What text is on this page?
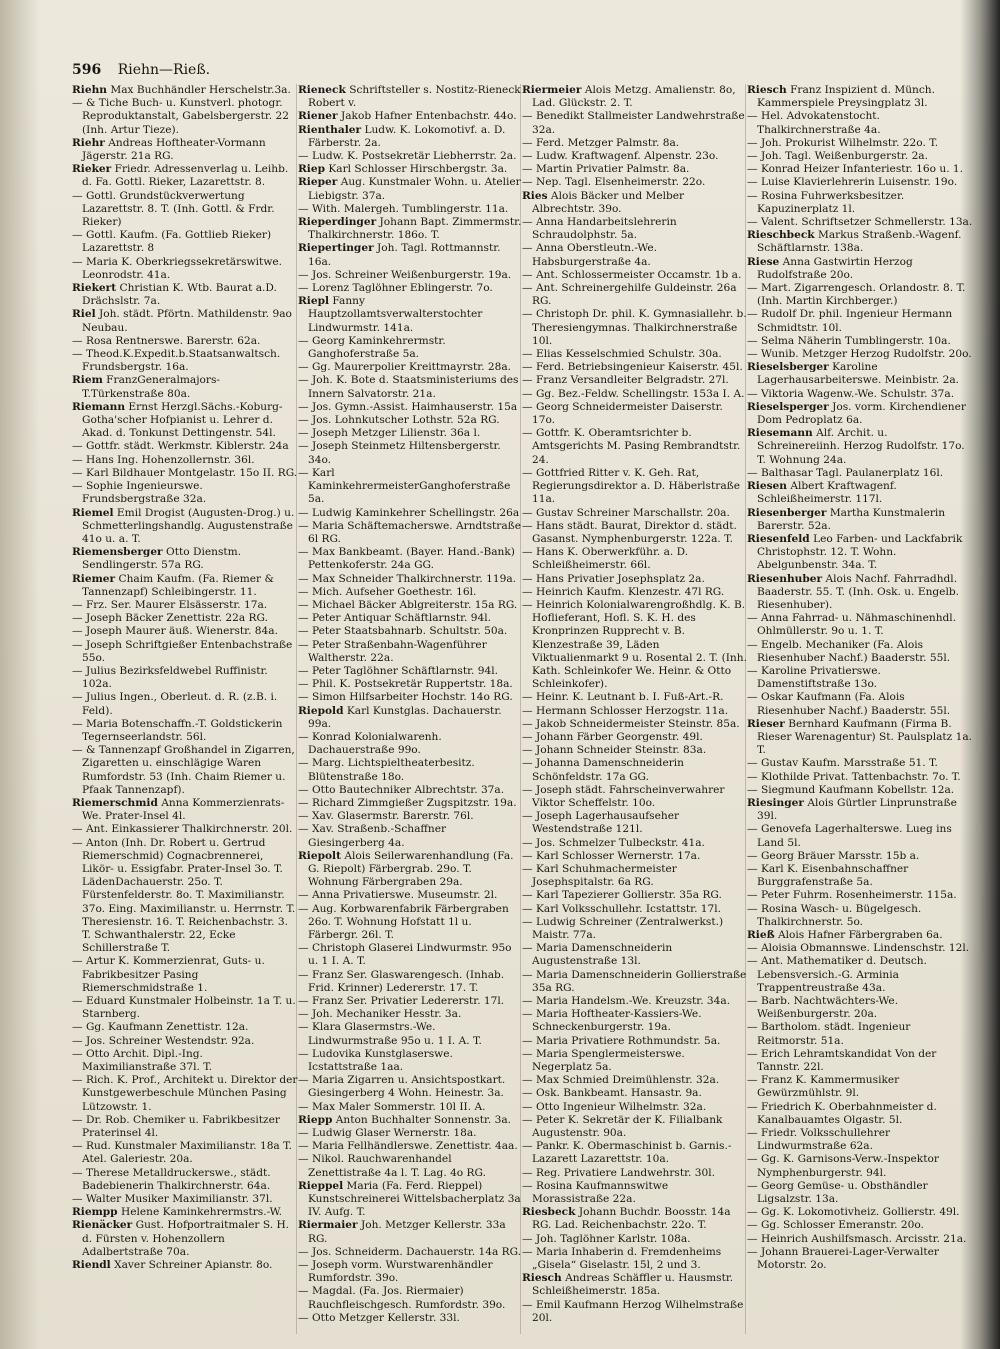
596 Riehn—Rieß.

Riehn Max Buchhändler Herschelstr.3a.

— & Tiche Buch- u. Kunstverl. photogr. Reproduktanstalt, Gabelsbergerstr. 22 (Inh. Artur Tieze).

Riehr Andreas Hoftheater-Vormann Jägerstr. 21a RG.

Rieker Friedr. Adressenverlag u. Leihb. d. Fa. Gottl. Rieker, Lazarettstr. 8.

— Gottl. Grundstückverwertung Lazarettstr. 8. T. (Inh. Gottl. & Frdr. Rieker)

— Gottl. Kaufm. (Fa. Gottlieb Rieker) Lazarettstr. 8

— Maria K. Oberkriegssekretärswitwe. Leonrodstr. 41a.

Riekert Christian K. Wtb. Baurat a.D. Drächslstr. 7a.

Riel Joh. städt. Pförtn. Mathildenstr. 9ao Neubau.

— Rosa Rentnerswe. Barerstr. 62a.

— Theod.K.Expedit.b.Staatsanwaltsch. Frundsbergstr. 16a.

Riem FranzGeneralmajors-T.Türkenstraße 80a.

Riemann Ernst Herzgl.Sächs.-Koburg-Gotha'scher Hofpianist u. Lehrer d. Akad. d. Tonkunst Dettingenstr. 54l.

— Gottfr. städt. Werkmstr. Kiblerstr. 24a

— Hans Ing. Hohenzollernstr. 36l.

— Karl Bildhauer Montgelastr. 15o II. RG.

— Sophie Ingenieurswe. Frundsbergstraße 32a.

Riemel Emil Drogist (Augusten-Drog.) u. Schmetterlingshandlg. Augustenstraße 41o u. a. T.

Riemensberger Otto Dienstm. Sendlingerstr. 57a RG.

Riemer Chaim Kaufm. (Fa. Riemer & Tannenzapf) Schleibingerstr. 11.

— Frz. Ser. Maurer Elsässerstr. 17a.

— Joseph Bäcker Zenettistr. 22a RG.

— Joseph Maurer äuß. Wienerstr. 84a.

— Joseph Schriftgießer Entenbachstraße 55o.

— Julius Bezirksfeldwebel Ruffinistr. 102a.

— Julius Ingen., Oberleut. d. R. (z.B. i. Feld).

— Maria Botenschaffn.-T. Goldstickerin Tegernseerlandstr. 56l.

— & Tannenzapf Großhandel in Zigarren, Zigaretten u. einschlägige Waren Rumfordstr. 53 (Inh. Chaim Riemer u. Pfaak Tannenzapf).

Riemerschmid Anna Kommerzienrats-We. Prater-Insel 4l.

— Ant. Einkassierer Thalkirchnerstr. 20l.

— Anton (Inh. Dr. Robert u. Gertrud Riemerschmid) Cognacbrennerei, Likör- u. Essigfabr. Prater-Insel 3o. T. LädenDachauerstr. 25o. T. Fürstenfelderstr. 8o. T. Maximilianstr. 37o. Eing. Maximilianstr. u. Herrnstr. T. Theresienstr. 16. T. Reichenbachstr. 3. T. Schwanthalerstr. 22, Ecke Schillerstraße T.

— Artur K. Kommerzienrat, Guts- u. Fabrikbesitzer Pasing Riemerschmidstraße 1.

— Eduard Kunstmaler Holbeinstr. 1a T. u. Starnberg.

— Gg. Kaufmann Zenettistr. 12a.

— Jos. Schreiner Westendstr. 92a.

— Otto Archit. Dipl.-Ing. Maximilianstraße 37l. T.

— Rich. K. Prof., Architekt u. Direktor der Kunstgewerbeschule München Pasing Lützowstr. 1.

— Dr. Rob. Chemiker u. Fabrikbesitzer Praterinsel 4l.

— Rud. Kunstmaler Maximilianstr. 18a T. Atel. Galeriestr. 20a.

— Therese Metalldruckerswe., städt. Badebienerin Thalkirchnerstr. 64a.

— Walter Musiker Maximilianstr. 37l.

Riempp Helene Kaminkehrermstrs.-W.

Rienäcker Gust. Hofportraitmaler S. H. d. Fürsten v. Hohenzollern Adalbertstraße 70a.

Riendl Xaver Schreiner Apianstr. 8o.

Rieneck Schriftsteller s. Nostitz-Rieneck Robert v.

Riener Jakob Hafner Entenbachstr. 44o.

Rienthaler Ludw. K. Lokomotivf. a. D. Färberstr. 2a.

— Ludw. K. Postsekretär Liebherrstr. 2a.

Riep Karl Schlosser Hirschbergstr. 3a.

Rieper Aug. Kunstmaler Wohn. u. Atelier Liebigstr. 37a.

— With. Malergeh. Tumblingerstr. 11a.

Rieperdinger Johann Bapt. Zimmermstr. Thalkirchnerstr. 186o. T.

Riepertinger Joh. Tagl. Rottmannstr. 16a.

— Jos. Schreiner Weißenburgerstr. 19a.

— Lorenz Taglöhner Eblingerstr. 7o.

Riepl Fanny Hauptzollamtsverwalterstochter Lindwurmstr. 141a.

— Georg Kaminkehrermstr. Ganghoferstraße 5a.

— Gg. Maurerpolier Kreittmayrstr. 28a.

— Joh. K. Bote d. Staatsministeriums des Innern Salvatorstr. 21a.

— Jos. Gymn.-Assist. Haimhauserstr. 15a

— Jos. Lohnkutscher Lothstr. 52a RG.

— Joseph Metzger Lilienstr. 36a l.

— Joseph Steinmetz Hiltensbergerstr. 34o.

— Karl KaminkehrermeisterGanghoferstraße 5a.

— Ludwig Kaminkehrer Schellingstr. 26a

— Maria Schäftemacherswe. Arndtstraße 6l RG.

— Max Bankbeamt. (Bayer. Hand.-Bank) Pettenkoferstr. 24a GG.

— Max Schneider Thalkirchnerstr. 119a.

— Mich. Aufseher Goethestr. 16l.

— Michael Bäcker Ablgreiterstr. 15a RG.

— Peter Antiquar Schäftlarnstr. 94l.

— Peter Staatsbahnarb. Schultstr. 50a.

— Peter Straßenbahn-Wagenführer Waltherstr. 22a.

— Peter Taglöhner Schäftlarnstr. 94l.

— Phil. K. Postsekretär Ruppertstr. 18a.

— Simon Hilfsarbeiter Hochstr. 14o RG.

Riepold Karl Kunstglas. Dachauerstr. 99a.

— Konrad Kolonialwarenh. Dachauerstraße 99o.

— Marg. Lichtspieltheaterbesitz. Blütenstraße 18o.

— Otto Bautechniker Albrechtstr. 37a.

— Richard Zimmgießer Zugspitzstr. 19a.

— Xav. Glasermstr. Barerstr. 76l.

— Xav. Straßenb.-Schaffner Giesingerberg 4a.

Riepolt Alois Seilerwarenhandlung (Fa. G. Riepolt) Färbergrab. 29o. T. Wohnung Färbergraben 29a.

— Anna Privatierswe. Museumstr. 2l.

— Aug. Korbwarenfabrik Färbergraben 26o. T. Wohnung Hofstatt 1l u. Färbergr. 26l. T.

— Christoph Glaserei Lindwurmstr. 95o u. 1 I. A. T.

— Franz Ser. Glaswarengesch. (Inhab. Frid. Krinner) Ledererstr. 17. T.

— Franz Ser. Privatier Ledererstr. 17l.

— Joh. Mechaniker Hesstr. 3a.

— Klara Glasermstrs.-We. Lindwurmstraße 95o u. 1 I. A. T.

— Ludovika Kunstglaserswe. Icstattstraße 1aa.

— Maria Zigarren u. Ansichtspostkart. Giesingerberg 4 Wohn. Heinestr. 3a.

— Max Maler Sommerstr. 10l II. A.

Riepp Anton Buchhalter Sonnenstr. 3a.

— Ludwig Glaser Wernerstr. 18a.

— Maria Fellhändlerswe. Zenettistr. 4aa.

— Nikol. Rauchwarenhandel Zenettistraße 4a l. T. Lag. 4o RG.

Rieppel Maria (Fa. Ferd. Rieppel) Kunstschreinerei Wittelsbacherplatz 3a IV. Aufg. T.

Riermaier Joh. Metzger Kellerstr. 33a RG.

— Jos. Schneiderm. Dachauerstr. 14a RG.

— Joseph vorm. Wurstwarenhändler Rumfordstr. 39o.

— Magdal. (Fa. Jos. Riermaier) Rauchfleischgesch. Rumfordstr. 39o.

— Otto Metzger Kellerstr. 33l.

Riermeier Alois Metzg. Amalienstr. 8o, Lad. Glückstr. 2. T.

— Benedikt Stallmeister Landwehrstraße 32a.

— Ferd. Metzger Palmstr. 8a.

— Ludw. Kraftwagenf. Alpenstr. 23o.

— Martin Privatier Palmstr. 8a.

— Nep. Tagl. Elsenheimerstr. 22o.

Ries Alois Bäcker und Melber Albrechtstr. 39o.

— Anna Handarbeitslehrerin Schraudolphstr. 5a.

— Anna Oberstleutn.-We. Habsburgerstraße 4a.

— Ant. Schlossermeister Occamstr. 1b a.

— Ant. Schreinergehilfe Guldeinstr. 26a RG.

— Christoph Dr. phil. K. Gymnasiallehr. b. Theresiengymnas. Thalkirchnerstraße 10l.

— Elias Kesselschmied Schulstr. 30a.

— Ferd. Betriebsingenieur Kaiserstr. 45l.

— Franz Versandleiter Belgradstr. 27l.

— Gg. Bez.-Feldw. Schellingstr. 153a I. A.

— Georg Schneidermeister Daiserstr. 17o.

— Gottfr. K. Oberamtsrichter b. Amtsgerichts M. Pasing Rembrandtstr. 24.

— Gottfried Ritter v. K. Geh. Rat, Regierungsdirektor a. D. Häberlstraße 11a.

— Gustav Schreiner Marschallstr. 20a.

— Hans städt. Baurat, Direktor d. städt. Gasanst. Nymphenburgerstr. 122a. T.

— Hans K. Oberwerkführ. a. D. Schleißheimerstr. 66l.

— Hans Privatier Josephsplatz 2a.

— Heinrich Kaufm. Klenzestr. 47l RG.

— Heinrich Kolonialwarengroßhdlg. K. B. Hoflieferant, Hofl. S. K. H. des Kronprinzen Rupprecht v. B. Klenzestraße 39, Läden Viktualienmarkt 9 u. Rosental 2. T. (Inh. Kath. Schleinkofer We. Heinr. & Otto Schleinkofer).

— Heinr. K. Leutnant b. I. Fuß-Art.-R.

— Hermann Schlosser Herzogstr. 11a.

— Jakob Schneidermeister Steinstr. 85a.

— Johann Färber Georgenstr. 49l.

— Johann Schneider Steinstr. 83a.

— Johanna Damenschneiderin Schönfeldstr. 17a GG.

— Joseph städt. Fahrscheinverwahrer Viktor Scheffelstr. 10o.

— Joseph Lagerhausaufseher Westendstraße 121l.

— Jos. Schmelzer Tulbeckstr. 41a.

— Karl Schlosser Wernerstr. 17a.

— Karl Schuhmachermeister Josephspitalstr. 6a RG.

— Karl Tapezierer Gollierstr. 35a RG.

— Karl Volksschullehr. Icstattstr. 17l.

— Ludwig Schreiner (Zentralwerkst.) Maistr. 77a.

— Maria Damenschneiderin Augustenstraße 13l.

— Maria Damenschneiderin Gollierstraße 35a RG.

— Maria Handelsm.-We. Kreuzstr. 34a.

— Maria Hoftheater-Kassiers-We. Schneckenburgerstr. 19a.

— Maria Privatiere Rothmundstr. 5a.

— Maria Spenglermeisterswe. Negerplatz 5a.

— Max Schmied Dreimühlenstr. 32a.

— Osk. Bankbeamt. Hansastr. 9a.

— Otto Ingenieur Wilhelmstr. 32a.

— Peter K. Sekretär der K. Filialbank Augustenstr. 90a.

— Pankr. K. Obermaschinist b. Garnis.-Lazarett Lazarettstr. 10a.

— Reg. Privatiere Landwehrstr. 30l.

— Rosina Kaufmannswitwe Morassistraße 22a.

Riesbeck Johann Buchdr. Boosstr. 14a RG. Lad. Reichenbachstr. 22o. T.

— Joh. Taglöhner Karlstr. 108a.

— Maria Inhaberin d. Fremdenheims „Gisela“ Giselastr. 15l, 2 und 3.

Riesch Andreas Schäffler u. Hausmstr. Schleißheimerstr. 185a.

— Emil Kaufmann Herzog Wilhelmstraße 20l.

Riesch Franz Inspizient d. Münch. Kammerspiele Preysingplatz 3l.

— Hel. Advokatenstocht. Thalkirchnerstraße 4a.

— Joh. Prokurist Wilhelmstr. 22o. T.

— Joh. Tagl. Weißenburgerstr. 2a.

— Konrad Heizer Infanteriestr. 16o u. 1.

— Luise Klavierlehrerin Luisenstr. 19o.

— Rosina Fuhrwerksbesitzer. Kapuzinerplatz 1l.

— Valent. Schriftsetzer Schmellerstr. 13a.

Rieschbeck Markus Straßenb.-Wagenf. Schäftlarnstr. 138a.

Riese Anna Gastwirtin Herzog Rudolfstraße 20o.

— Mart. Zigarrengesch. Orlandostr. 8. T. (Inh. Martin Kirchberger.)

— Rudolf Dr. phil. Ingenieur Hermann Schmidtstr. 10l.

— Selma Näherin Tumblingerstr. 10a.

— Wunib. Metzger Herzog Rudolfstr. 20o.

Rieselsberger Karoline Lagerhausarbeiterswe. Meinbistr. 2a.

— Viktoria Wagenw.-We. Schulstr. 37a.

Rieselsperger Jos. vorm. Kirchendiener Dom Pedroplatz 6a.

Riesemann Alf. Archit. u. Schreinereiinh. Herzog Rudolfstr. 17o. T. Wohnung 24a.

— Balthasar Tagl. Paulanerplatz 16l.

Riesen Albert Kraftwagenf. Schleißheimerstr. 117l.

Riesenberger Martha Kunstmalerin Barerstr. 52a.

Riesenfeld Leo Farben- und Lackfabrik Christophstr. 12. T. Wohn. Abelgunbenstr. 34a. T.

Riesenhuber Alois Nachf. Fahrradhdl. Baaderstr. 55. T. (Inh. Osk. u. Engelb. Riesenhuber).

— Anna Fahrrad- u. Nähmaschinenhdl. Ohlmüllerstr. 9o u. 1. T.

— Engelb. Mechaniker (Fa. Alois Riesenhuber Nachf.) Baaderstr. 55l.

— Karoline Privatierswe. Damenstiftstraße 13o.

— Oskar Kaufmann (Fa. Alois Riesenhuber Nachf.) Baaderstr. 55l.

Rieser Bernhard Kaufmann (Firma B. Rieser Warenagentur) St. Paulsplatz 1a. T.

— Gustav Kaufm. Marsstraße 51. T.

— Klothilde Privat. Tattenbachstr. 7o. T.

— Siegmund Kaufmann Kobellstr. 12a.

Riesinger Alois Gürtler Linprunstraße 39l.

— Genovefa Lagerhalterswe. Lueg ins Land 5l.

— Georg Bräuer Marsstr. 15b a.

— Karl K. Eisenbahnschaffner Burggrafenstraße 5a.

— Peter Fuhrm. Rosenheimerstr. 115a.

— Rosina Wasch- u. Bügelgesch. Thalkirchnerstr. 5o.

Rieß Alois Hafner Färbergraben 6a.

— Aloisia Obmannswe. Lindenschstr. 12l.

— Ant. Mathematiker d. Deutsch. Lebensversich.-G. Arminia Trappentreustraße 43a.

— Barb. Nachtwächters-We. Weißenburgerstr. 20a.

— Bartholom. städt. Ingenieur Reitmorstr. 51a.

— Erich Lehramtskandidat Von der Tannstr. 22l.

— Franz K. Kammermusiker Gewürzmühlstr. 9l.

— Friedrich K. Oberbahnmeister d. Kanalbauamtes Olgastr. 5l.

— Friedr. Volksschullehrer Lindwurmstraße 62a.

— Gg. K. Garnisons-Verw.-Inspektor Nymphenburgerstr. 94l.

— Georg Gemüse- u. Obsthändler Ligsalzstr. 13a.

— Gg. K. Lokomotivheiz. Gollierstr. 49l.

— Gg. Schlosser Emeranstr. 20o.

— Heinrich Aushilfsmasch. Arcisstr. 21a.

— Johann Brauerei-Lager-Verwalter Motorstr. 2o.
